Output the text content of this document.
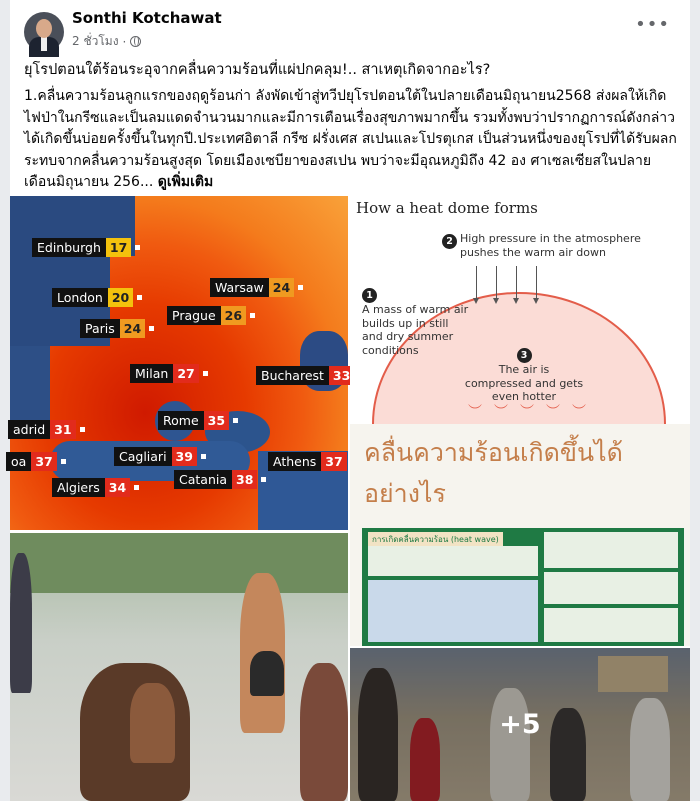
Sonthi Kotchawat
2 ชั่วโมง ·
•••
ยุโรปตอนใต้ร้อนระอุจากคลื่นความร้อนที่แผ่ปกคลุม!.. สาเหตุเกิดจากอะไร?
1.คลื่นความร้อนลูกแรกของฤดูร้อนก่า ลังพัดเข้าสู่ทวีปยุโรปตอนใต้ในปลายเดือนมิถุนายน2568 ส่งผลให้เกิดไฟป่าในกรีซและเป็นลมแดดจำนวนมากและมีการเตือนเรื่องสุขภาพมากขึ้น รวมทั้งพบว่าปรากฏการณ์ดังกล่าวได้เกิดขึ้นบ่อยครั้งขึ้นในทุกปี.ประเทศอิตาลี กรีซ ฝรั่งเศส สเปนและโปรตุเกส เป็นส่วนหนึ่งของยุโรปที่ได้รับผลกระทบจากคลื่นความร้อนสูงสุด โดยเมืองเซบียาของสเปน พบว่าจะมีอุณหภูมิถึง 42 อง ศาเซลเซียสในปลายเดือนมิถุนายน 256... ดูเพิ่มเติม
Edinburgh 17
London 20
Paris 24
Warsaw 24
Prague 26
Milan 27	Bucharest 33
adrid 31
Rome 35
oa 37	Cagliari 39	Athens 37
Catania 38
Algiers 34
How a heat dome forms
2 High pressure in the atmosphere pushes the warm air down
1
A mass of warm air builds up in still and dry summer conditions	3
The air is compressed and gets even hotter
︶︶︶︶︶
คลื่นความร้อนเกิดขึ้นได้อย่างไร
การเกิดคลื่นความร้อน (heat wave)
+5
